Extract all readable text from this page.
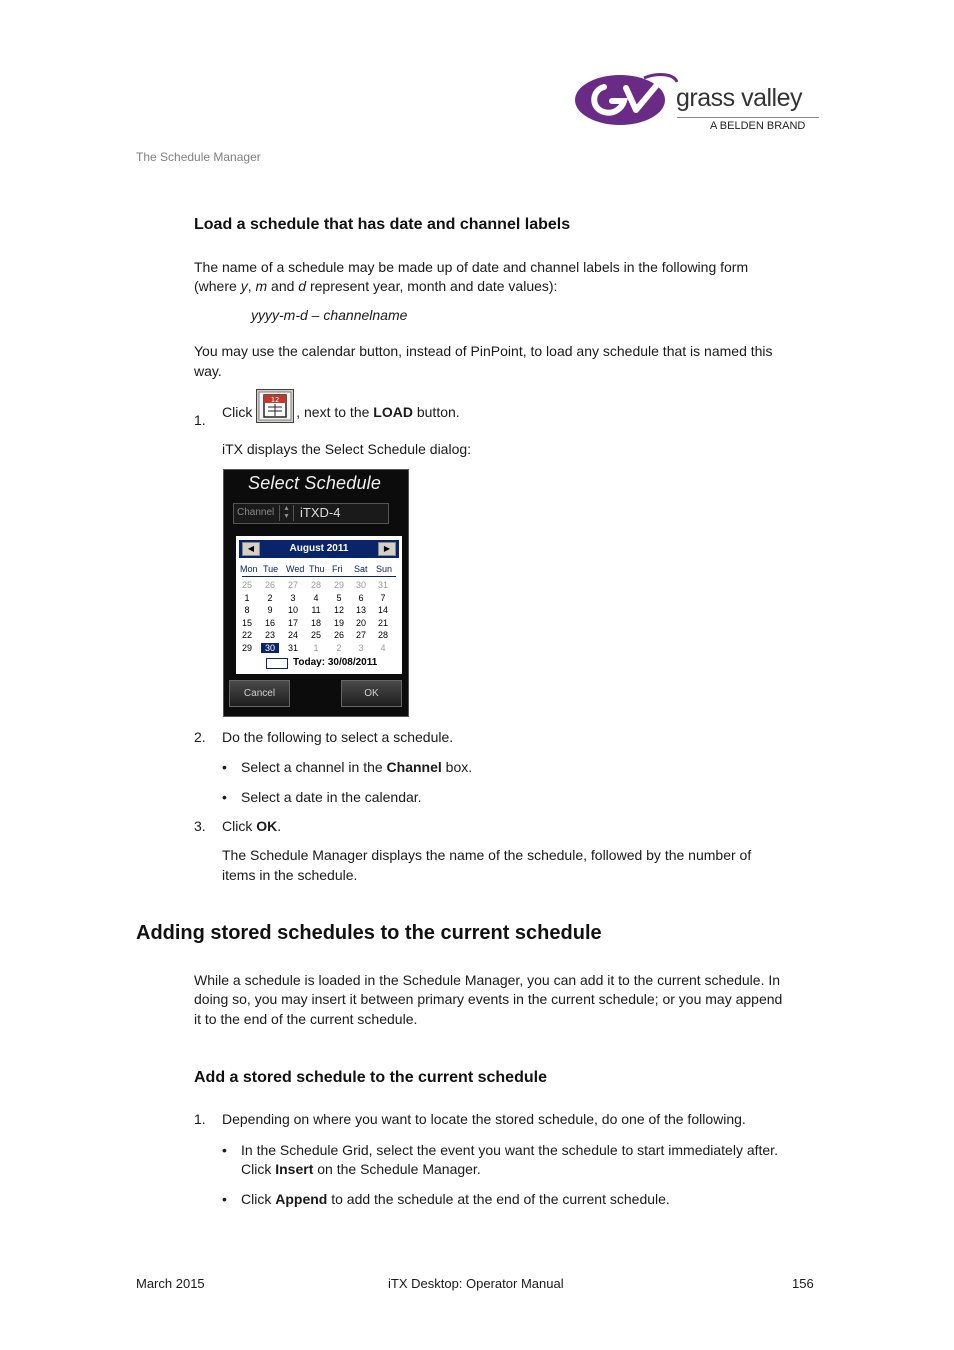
grass valley
A BELDEN BRAND
The Schedule Manager
Load a schedule that has date and channel labels
The name of a schedule may be made up of date and channel labels in the following form
(where y, m and d represent year, month and date values):
yyyy-m-d – channelname
You may use the calendar button, instead of PinPoint, to load any schedule that is named this
way.
1. Click
12
, next to the LOAD button.
iTX displays the Select Schedule dialog:
Select Schedule
Channel	▲
▼ iTXD-4
◀	August 2011	▶
Today: 30/08/2011
Mon Tue Wed Thu Fri Sat Sun
25	26	27	28	29	30	31
1	2	3	4	5	6	7
8	9	10	11	12	13	14
15	16	17	18	19	20	21
22	23	24	25	26	27	28
29	30	31	1	2	3	4
Cancel	OK
2. Do the following to select a schedule.
• Select a channel in the Channel box.
• Select a date in the calendar.
3. Click OK.
The Schedule Manager displays the name of the schedule, followed by the number of
items in the schedule.
Adding stored schedules to the current schedule
While a schedule is loaded in the Schedule Manager, you can add it to the current schedule. In
doing so, you may insert it between primary events in the current schedule; or you may append
it to the end of the current schedule.
Add a stored schedule to the current schedule
1. Depending on where you want to locate the stored schedule, do one of the following.
• In the Schedule Grid, select the event you want the schedule to start immediately after.
Click Insert on the Schedule Manager.
• Click Append to add the schedule at the end of the current schedule.
March 2015	iTX Desktop: Operator Manual	156
